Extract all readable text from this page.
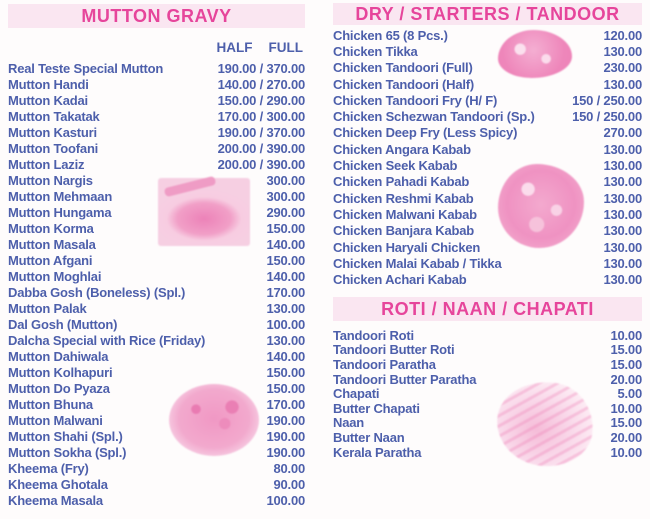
MUTTON GRAVY
HALF FULL
Real Teste Special Mutton	190.00 / 370.00
Mutton Handi	140.00 / 270.00
Mutton Kadai	150.00 / 290.00
Mutton Takatak	170.00 / 300.00
Mutton Kasturi	190.00 / 370.00
Mutton Toofani	200.00 / 390.00
Mutton Laziz	200.00 / 390.00
Mutton Nargis	300.00
Mutton Mehmaan	300.00
Mutton Hungama	290.00
Mutton Korma	150.00
Mutton Masala	140.00
Mutton Afgani	150.00
Mutton Moghlai	140.00
Dabba Gosh (Boneless) (Spl.)	170.00
Mutton Palak	130.00
Dal Gosh (Mutton)	100.00
Dalcha Special with Rice (Friday)	130.00
Mutton Dahiwala	140.00
Mutton Kolhapuri	150.00
Mutton Do Pyaza	150.00
Mutton Bhuna	170.00
Mutton Malwani	190.00
Mutton Shahi (Spl.)	190.00
Mutton Sokha (Spl.)	190.00
Kheema (Fry)	80.00
Kheema Ghotala	90.00
Kheema Masala	100.00
DRY / STARTERS / TANDOOR
Chicken 65 (8 Pcs.)	120.00
Chicken Tikka	130.00
Chicken Tandoori (Full)	230.00
Chicken Tandoori (Half)	130.00
Chicken Tandoori Fry (H/ F)	150 / 250.00
Chicken Schezwan Tandoori (Sp.)	150 / 250.00
Chicken Deep Fry (Less Spicy)	270.00
Chicken Angara Kabab	130.00
Chicken Seek Kabab	130.00
Chicken Pahadi Kabab	130.00
Chicken Reshmi Kabab	130.00
Chicken Malwani Kabab	130.00
Chicken Banjara Kabab	130.00
Chicken Haryali Chicken	130.00
Chicken Malai Kabab / Tikka	130.00
Chicken Achari Kabab	130.00
ROTI / NAAN / CHAPATI
Tandoori Roti	10.00
Tandoori Butter Roti	15.00
Tandoori Paratha	15.00
Tandoori Butter Paratha	20.00
Chapati	5.00
Butter Chapati	10.00
Naan	15.00
Butter Naan	20.00
Kerala Paratha	10.00
